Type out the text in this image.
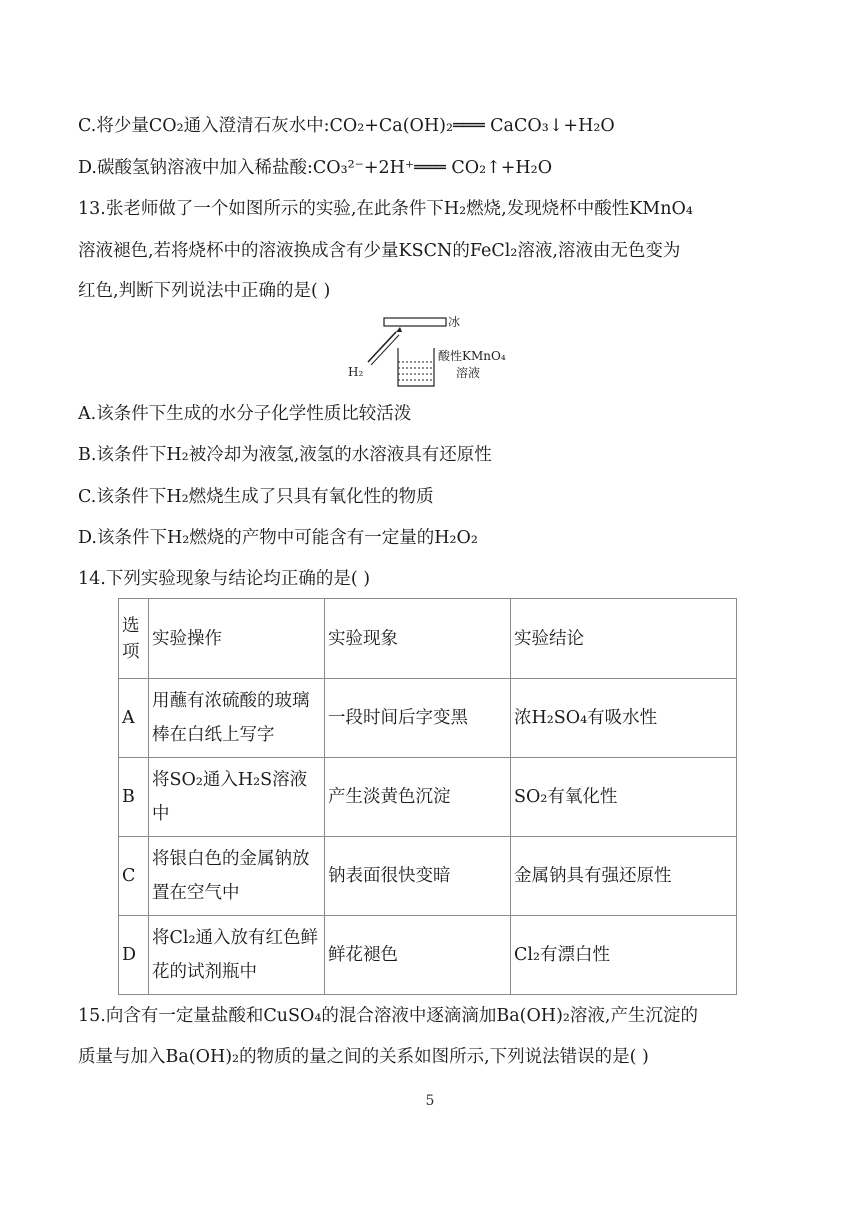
C.将少量CO₂通入澄清石灰水中:CO₂+Ca(OH)₂═══ CaCO₃↓+H₂O
D.碳酸氢钠溶液中加入稀盐酸:CO₃²⁻+2H⁺═══ CO₂↑+H₂O
13.张老师做了一个如图所示的实验,在此条件下H₂燃烧,发现烧杯中酸性KMnO₄
溶液褪色,若将烧杯中的溶液换成含有少量KSCN的FeCl₂溶液,溶液由无色变为
红色,判断下列说法中正确的是( )
冰
H₂
酸性KMnO₄
溶液
A.该条件下生成的水分子化学性质比较活泼
B.该条件下H₂被冷却为液氢,液氢的水溶液具有还原性
C.该条件下H₂燃烧生成了只具有氧化性的物质
D.该条件下H₂燃烧的产物中可能含有一定量的H₂O₂
14.下列实验现象与结论均正确的是( )
选项	实验操作	实验现象	实验结论
A	用蘸有浓硫酸的玻璃棒在白纸上写字	一段时间后字变黑	浓H₂SO₄有吸水性
B	将SO₂通入H₂S溶液中	产生淡黄色沉淀	SO₂有氧化性
C	将银白色的金属钠放置在空气中	钠表面很快变暗	金属钠具有强还原性
D	将Cl₂通入放有红色鲜花的试剂瓶中	鲜花褪色	Cl₂有漂白性
15.向含有一定量盐酸和CuSO₄的混合溶液中逐滴滴加Ba(OH)₂溶液,产生沉淀的
质量与加入Ba(OH)₂的物质的量之间的关系如图所示,下列说法错误的是( )
5
